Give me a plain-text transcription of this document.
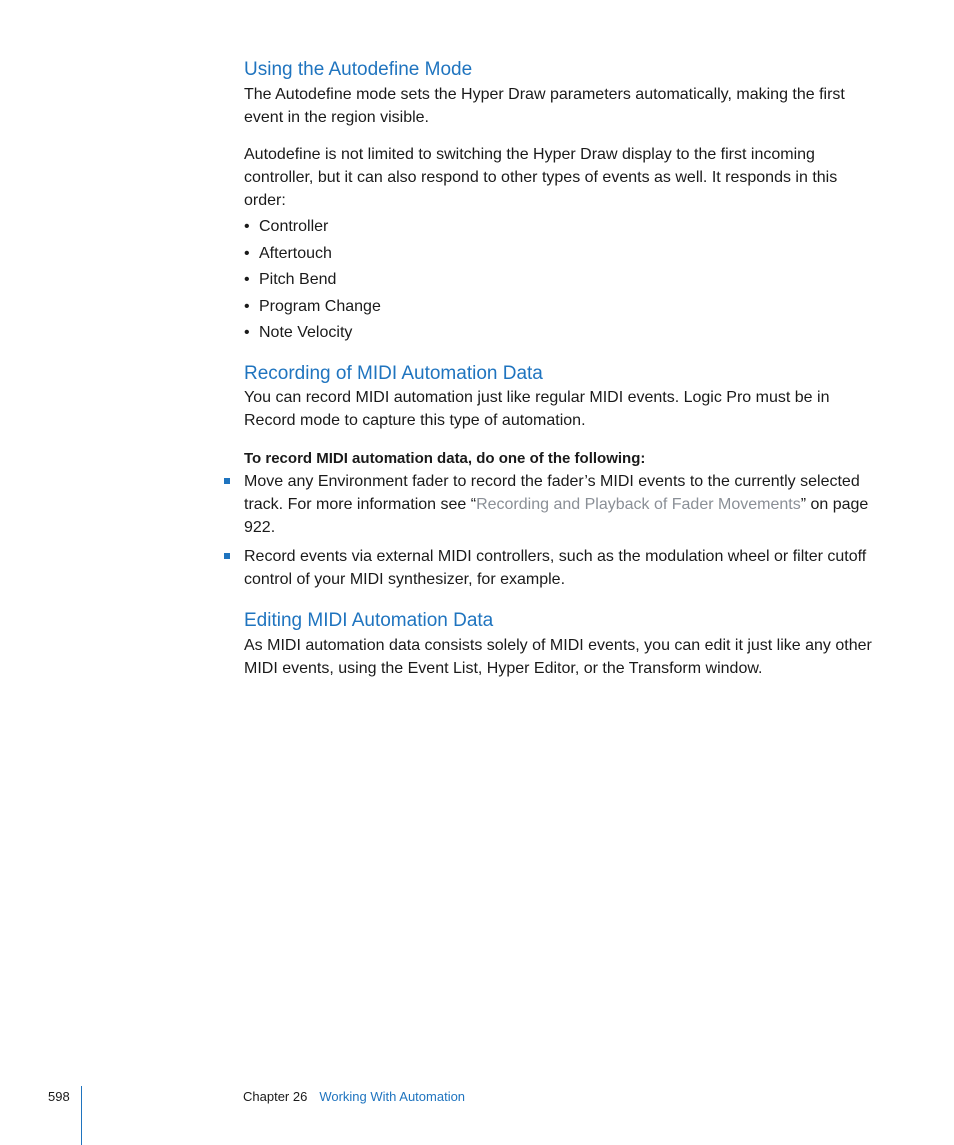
Using the Autodefine Mode

The Autodefine mode sets the Hyper Draw parameters automatically, making the first event in the region visible.

Autodefine is not limited to switching the Hyper Draw display to the first incoming controller, but it can also respond to other types of events as well. It responds in this order:

• Controller
• Aftertouch
• Pitch Bend
• Program Change
• Note Velocity
Recording of MIDI Automation Data

You can record MIDI automation just like regular MIDI events. Logic Pro must be in Record mode to capture this type of automation.

To record MIDI automation data, do one of the following:

Move any Environment fader to record the fader’s MIDI events to the currently selected track. For more information see “Recording and Playback of Fader Movements” on page 922.

Record events via external MIDI controllers, such as the modulation wheel or filter cutoff control of your MIDI synthesizer, for example.

Editing MIDI Automation Data

As MIDI automation data consists solely of MIDI events, you can edit it just like any other MIDI events, using the Event List, Hyper Editor, or the Transform window.

598	Chapter 26 Working With Automation
